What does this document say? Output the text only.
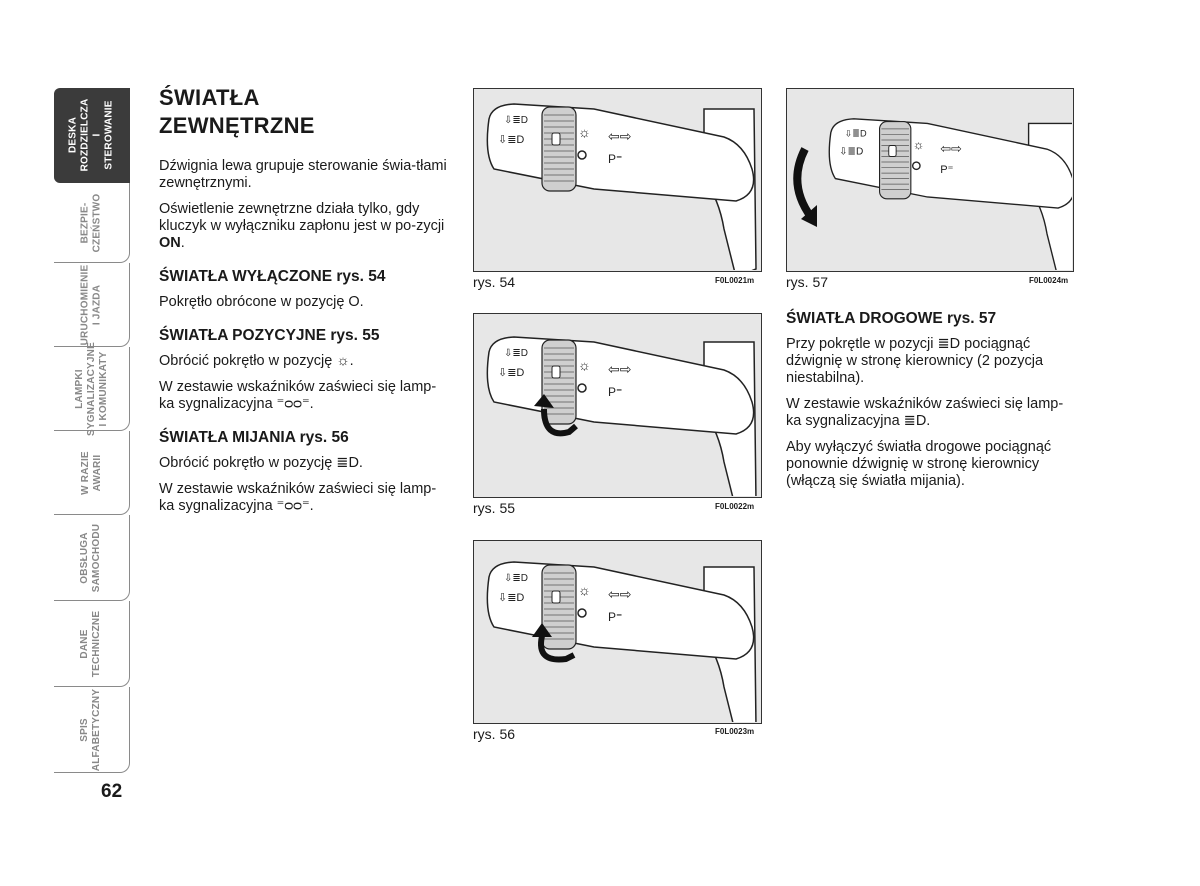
DESKA
ROZDZIELCZA
I STEROWANIE
BEZPIE-
CZEŃSTWO
URUCHOMIENIE
I JAZDA
LAMPKI
SYGNALIZACYJNE
I KOMUNIKATY
W RAZIE
AWARII
OBSŁUGA
SAMOCHODU
DANE
TECHNICZNE
SPIS
ALFABETYCZNY
62
ŚWIATŁA
ZEWNĘTRZNE

Dźwignia lewa grupuje sterowanie świa-tłami zewnętrznymi.

Oświetlenie zewnętrzne działa tylko, gdy kluczyk w wyłączniku zapłonu jest w po-zycji ON.

ŚWIATŁA WYŁĄCZONE rys. 54

Pokrętło obrócone w pozycję O.

ŚWIATŁA POZYCYJNE rys. 55

Obrócić pokrętło w pozycję ☼.

W zestawie wskaźników zaświeci się lamp-ka sygnalizacyjna ⁼ᴑᴑ⁼.

ŚWIATŁA MIJANIA rys. 56

Obrócić pokrętło w pozycję ≣D.

W zestawie wskaźników zaświeci się lamp-ka sygnalizacyjna ⁼ᴑᴑ⁼.

rys. 54	F0L0021m
rys. 55	F0L0022m
rys. 56	F0L0023m
rys. 57	F0L0024m
ŚWIATŁA DROGOWE rys. 57

Przy pokrętle w pozycji ≣D pociągnąć dźwignię w stronę kierownicy (2 pozycja niestabilna).

W zestawie wskaźników zaświeci się lamp-ka sygnalizacyjna ≣D.

Aby wyłączyć światła drogowe pociągnąć ponownie dźwignię w stronę kierownicy (włączą się światła mijania).
